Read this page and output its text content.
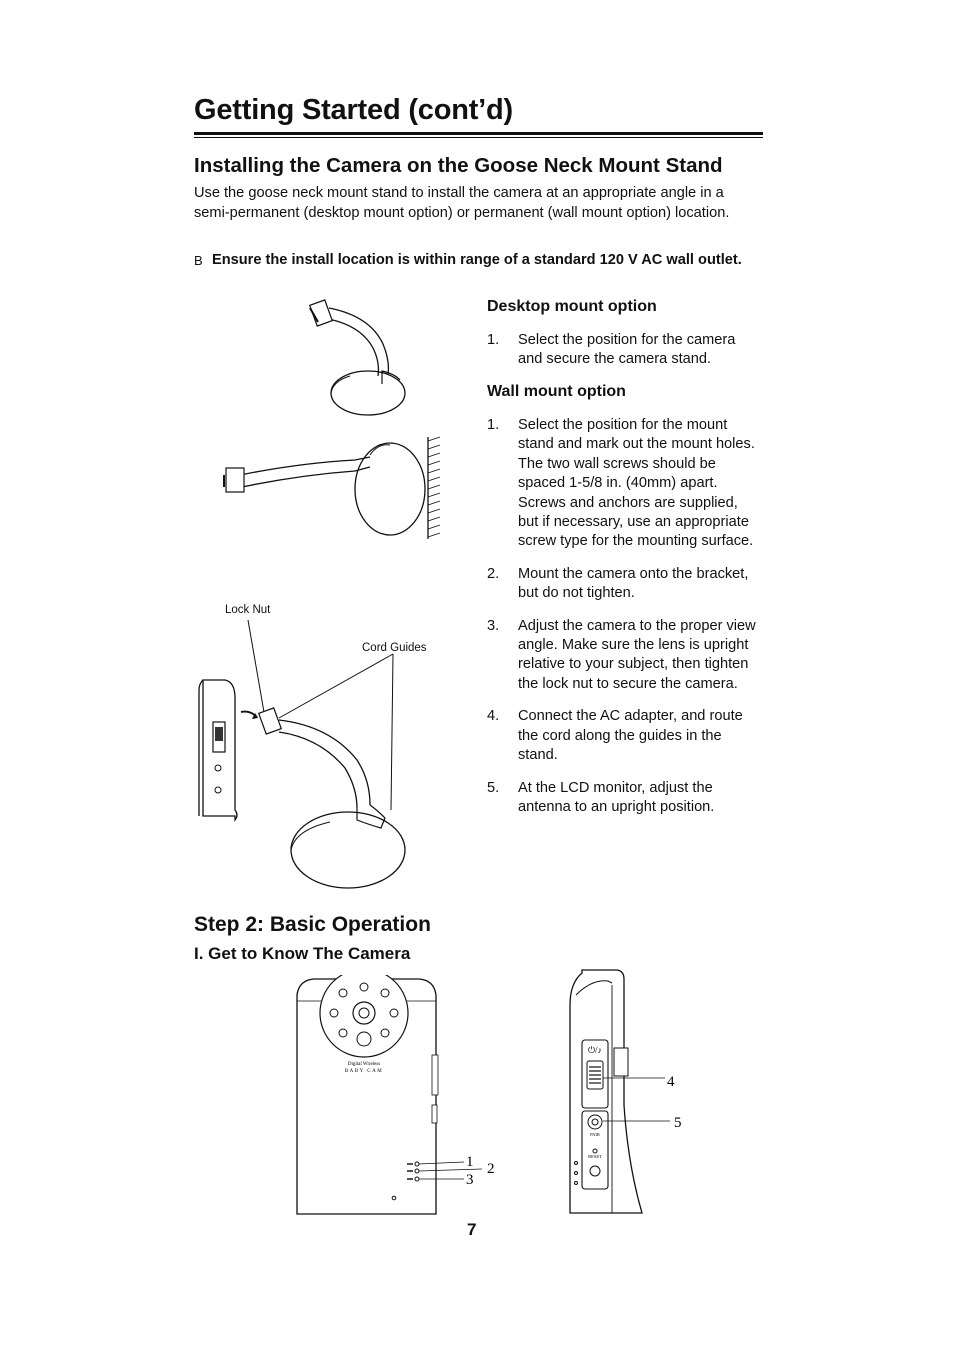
Getting Started (cont’d)
Installing the Camera on the Goose Neck Mount Stand

Use the goose neck mount stand to install the camera at an appropriate angle in a semi-permanent (desktop mount option) or permanent (wall mount option) location.

B Ensure the install location is within range of a standard 120 V AC wall outlet.
Desktop mount option
1. Select the position for the camera and secure the camera stand.
Wall mount option
1. Select the position for the mount stand and mark out the mount holes. The two wall screws should be spaced 1-5/8 in. (40mm) apart. Screws and anchors are supplied, but if necessary, use an appropriate screw type for the mounting surface.
2. Mount the camera onto the bracket, but do not tighten.
3. Adjust the camera to the proper view angle. Make sure the lens is upright relative to your subject, then tighten the lock nut to secure the camera.
4. Connect the AC adapter, and route the cord along the guides in the stand.
5. At the LCD monitor, adjust the antenna to an upright position.
Lock Nut
Cord Guides
Step 2: Basic Operation
I. Get to Know The Camera
Digital Wireless
BABY CAM
1 2
3
⏻/♪
PAIR
RESET
4
5
7
